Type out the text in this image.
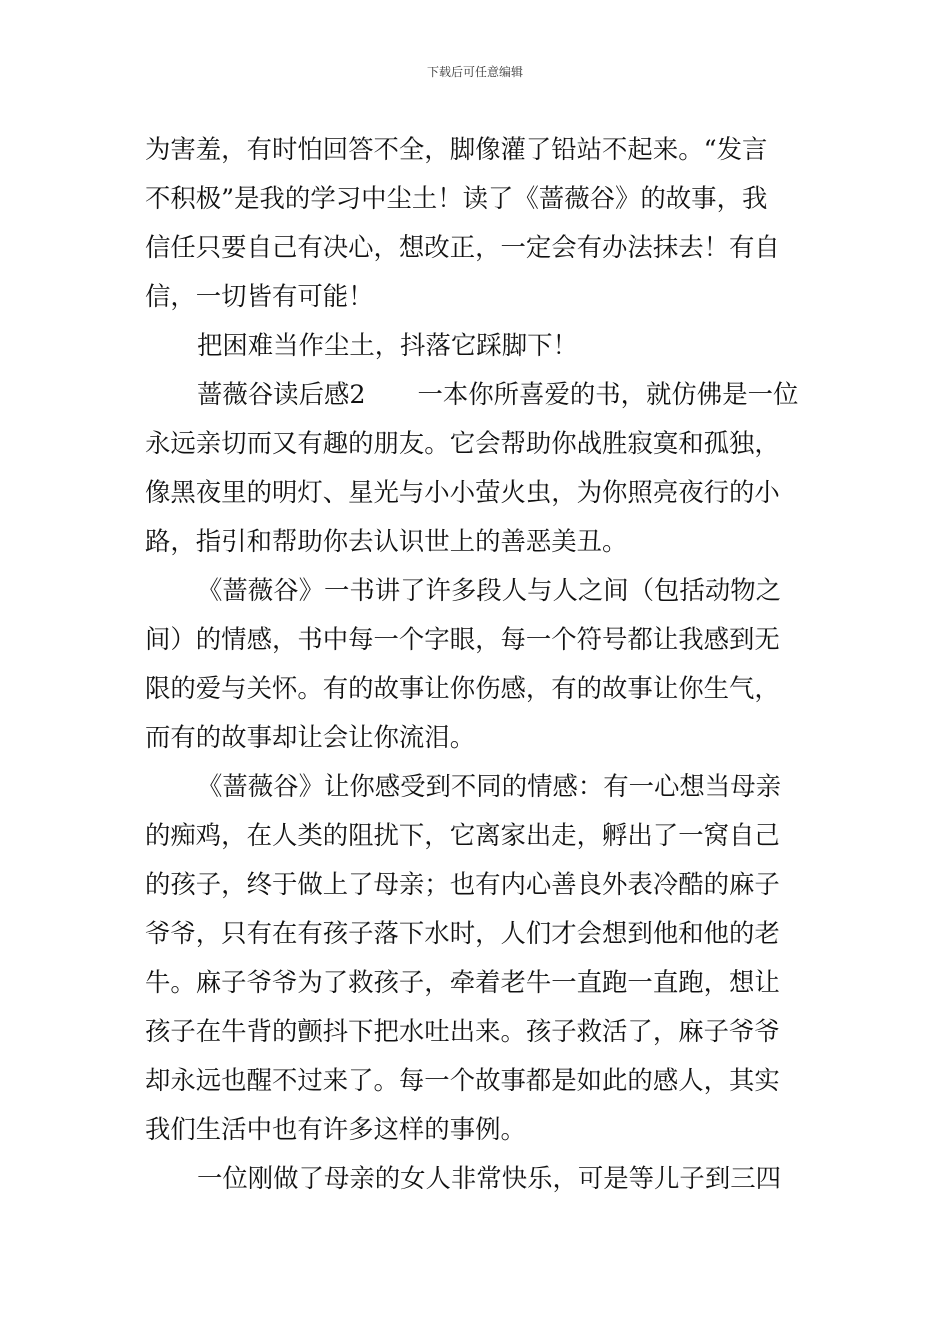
下载后可任意编辑
为害羞，有时怕回答不全，脚像灌了铅站不起来。“发言
不积极”是我的学习中尘土！读了《蔷薇谷》的故事，我
信任只要自己有决心，想改正，一定会有办法抹去！有自
信，一切皆有可能！
把困难当作尘土，抖落它踩脚下！
蔷薇谷读后感2 一本你所喜爱的书，就仿佛是一位
永远亲切而又有趣的朋友。它会帮助你战胜寂寞和孤独，
像黑夜里的明灯、星光与小小萤火虫，为你照亮夜行的小
路，指引和帮助你去认识世上的善恶美丑。
《蔷薇谷》一书讲了许多段人与人之间（包括动物之
间）的情感，书中每一个字眼，每一个符号都让我感到无
限的爱与关怀。有的故事让你伤感，有的故事让你生气，
而有的故事却让会让你流泪。
《蔷薇谷》让你感受到不同的情感：有一心想当母亲
的痴鸡，在人类的阻扰下，它离家出走，孵出了一窝自己
的孩子，终于做上了母亲；也有内心善良外表冷酷的麻子
爷爷，只有在有孩子落下水时，人们才会想到他和他的老
牛。麻子爷爷为了救孩子，牵着老牛一直跑一直跑，想让
孩子在牛背的颤抖下把水吐出来。孩子救活了，麻子爷爷
却永远也醒不过来了。每一个故事都是如此的感人，其实
我们生活中也有许多这样的事例。
一位刚做了母亲的女人非常快乐，可是等儿子到三四
